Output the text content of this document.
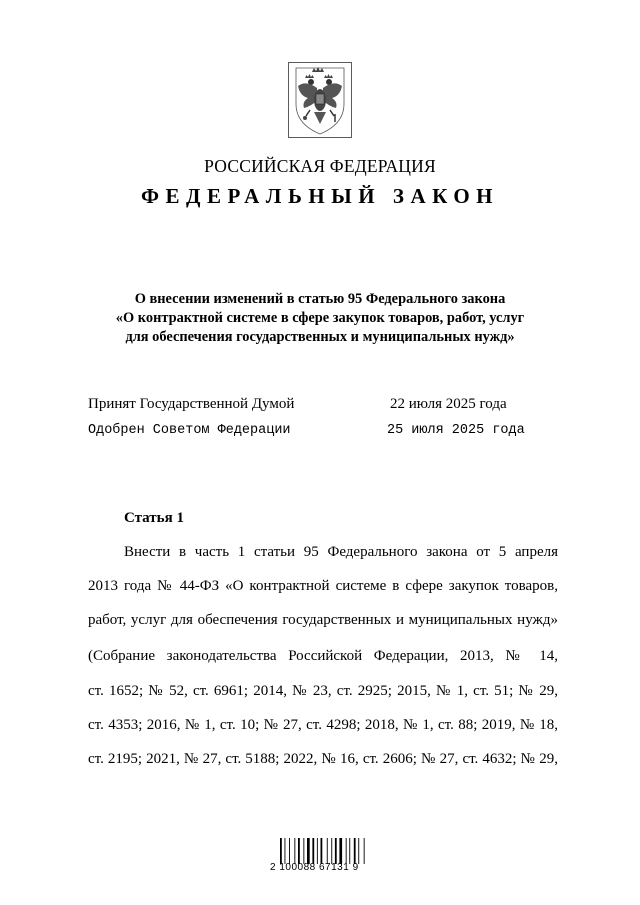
РОССИЙСКАЯ ФЕДЕРАЦИЯ
ФЕДЕРАЛЬНЫЙ ЗАКОН
О внесении изменений в статью 95 Федерального закона
«О контрактной системе в сфере закупок товаров, работ, услуг
для обеспечения государственных и муниципальных нужд»
Принят Государственной Думой	22 июля 2025 года
Одобрен Советом Федерации	25 июля 2025 года
Статья 1
Внести в часть 1 статьи 95 Федерального закона от 5 апреля
2013 года № 44-ФЗ «О контрактной системе в сфере закупок товаров,
работ, услуг для обеспечения государственных и муниципальных нужд»
(Собрание законодательства Российской Федерации, 2013, № 14,
ст. 1652; № 52, ст. 6961; 2014, № 23, ст. 2925; 2015, № 1, ст. 51; № 29,
ст. 4353; 2016, № 1, ст. 10; № 27, ст. 4298; 2018, № 1, ст. 88; 2019, № 18,
ст. 2195; 2021, № 27, ст. 5188; 2022, № 16, ст. 2606; № 27, ст. 4632; № 29,
2 100088 67131 9
